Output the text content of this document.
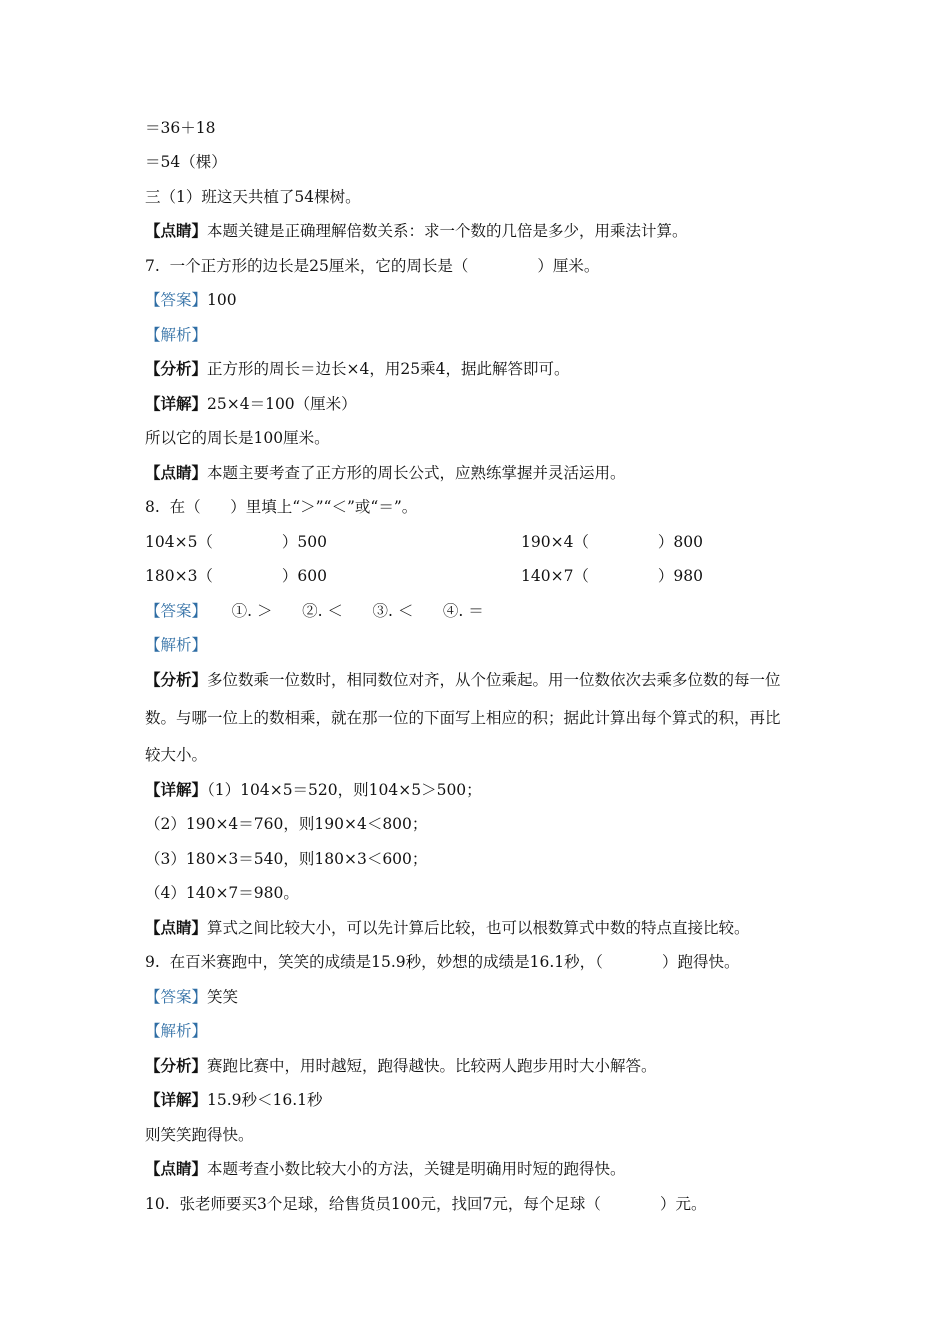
＝36＋18
＝54（棵）
三（1）班这天共植了54棵树。
【点睛】本题关键是正确理解倍数关系：求一个数的几倍是多少，用乘法计算。
7.  一个正方形的边长是25厘米，它的周长是（              ）厘米。
【答案】100
【解析】
【分析】正方形的周长＝边长×4，用25乘4，据此解答即可。
【详解】25×4＝100（厘米）
所以它的周长是100厘米。
【点睛】本题主要考查了正方形的周长公式，应熟练掌握并灵活运用。
8.  在（      ）里填上“＞”“＜”或“＝”。
104×5（              ）500	190×4（              ）800
180×3（              ）600	140×7（              ）980
【答案】     ①. ＞      ②. ＜      ③. ＜      ④. ＝
【解析】
【分析】多位数乘一位数时，相同数位对齐，从个位乘起。用一位数依次去乘多位数的每一位
数。与哪一位上的数相乘，就在那一位的下面写上相应的积；据此计算出每个算式的积，再比
较大小。
【详解】（1）104×5＝520，则104×5＞500；
（2）190×4＝760，则190×4＜800；
（3）180×3＝540，则180×3＜600；
（4）140×7＝980。
【点睛】算式之间比较大小，可以先计算后比较，也可以根数算式中数的特点直接比较。
9.  在百米赛跑中，笑笑的成绩是15.9秒，妙想的成绩是16.1秒，（            ）跑得快。
【答案】笑笑
【解析】
【分析】赛跑比赛中，用时越短，跑得越快。比较两人跑步用时大小解答。
【详解】15.9秒＜16.1秒
则笑笑跑得快。
【点睛】本题考查小数比较大小的方法，关键是明确用时短的跑得快。
10.  张老师要买3个足球，给售货员100元，找回7元，每个足球（            ）元。
